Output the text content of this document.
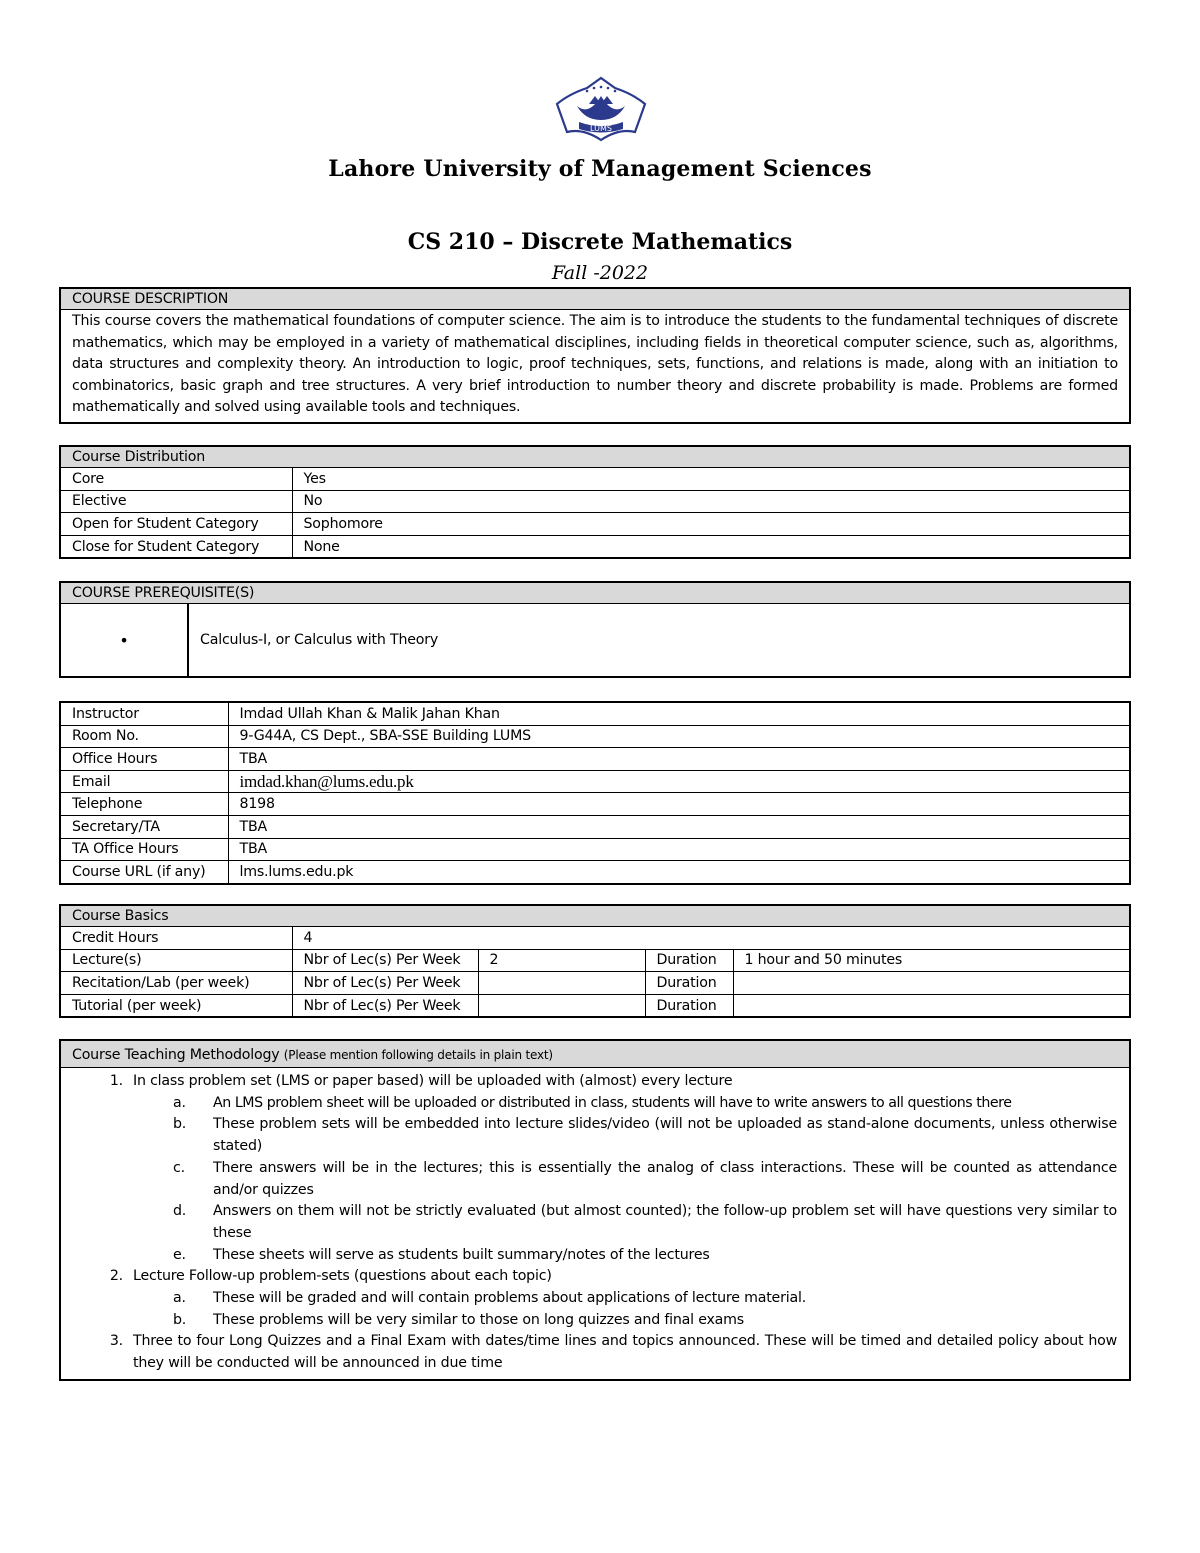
LUMS
Lahore University of Management Sciences
CS 210 – Discrete Mathematics
Fall -2022
COURSE DESCRIPTION
This course covers the mathematical foundations of computer science. The aim is to introduce the students to the fundamental techniques of discrete mathematics, which may be employed in a variety of mathematical disciplines, including fields in theoretical computer science, such as, algorithms, data structures and complexity theory. An introduction to logic, proof techniques, sets, functions, and relations is made, along with an initiation to combinatorics, basic graph and tree structures. A very brief introduction to number theory and discrete probability is made. Problems are formed mathematically and solved using available tools and techniques.
Course Distribution
Core	Yes
Elective	No
Open for Student Category	Sophomore
Close for Student Category	None
COURSE PREREQUISITE(S)
•	Calculus-I, or Calculus with Theory
Instructor	Imdad Ullah Khan & Malik Jahan Khan
Room No.	9-G44A, CS Dept., SBA-SSE Building LUMS
Office Hours	TBA
Email	imdad.khan@lums.edu.pk
Telephone	8198
Secretary/TA	TBA
TA Office Hours	TBA
Course URL (if any)	lms.lums.edu.pk
Course Basics
Credit Hours	4			
Lecture(s)	Nbr of Lec(s) Per Week	2	Duration	1 hour and 50 minutes
Recitation/Lab (per week)	Nbr of Lec(s) Per Week		Duration	
Tutorial (per week)	Nbr of Lec(s) Per Week		Duration	
Course Teaching Methodology (Please mention following details in plain text)
1. In class problem set (LMS or paper based) will be uploaded with (almost) every lecture
a.	An LMS problem sheet will be uploaded or distributed in class, students will have to write answers to all questions there
b.	These problem sets will be embedded into lecture slides/video (will not be uploaded as stand-alone documents, unless otherwise stated)
c.	There answers will be in the lectures; this is essentially the analog of class interactions. These will be counted as attendance and/or quizzes
d.	Answers on them will not be strictly evaluated (but almost counted); the follow-up problem set will have questions very similar to these
e.	These sheets will serve as students built summary/notes of the lectures
2. Lecture Follow-up problem-sets (questions about each topic)
a.	These will be graded and will contain problems about applications of lecture material.
b.	These problems will be very similar to those on long quizzes and final exams
3. Three to four Long Quizzes and a Final Exam with dates/time lines and topics announced. These will be timed and detailed policy about how they will be conducted will be announced in due time
